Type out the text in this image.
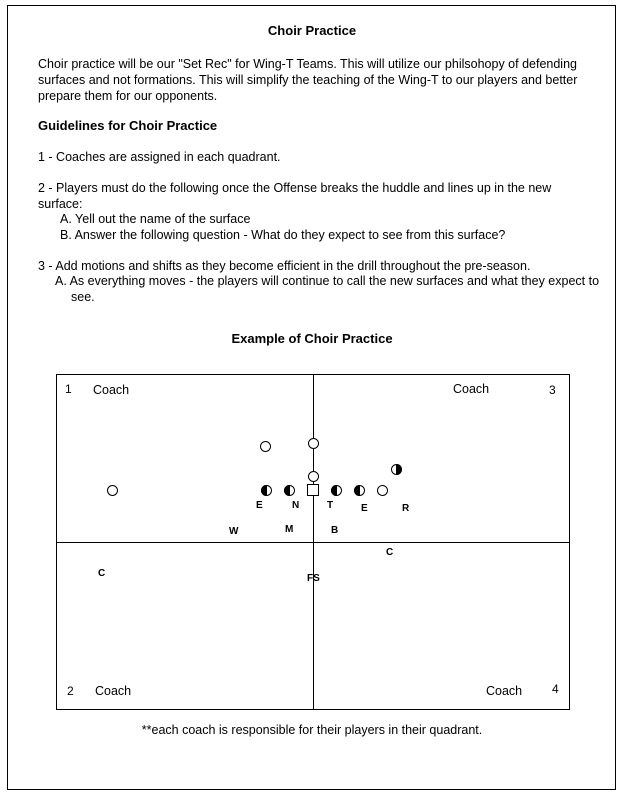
Choir Practice
Choir practice will be our "Set Rec" for Wing-T Teams. This will utilize our philsohopy of defending surfaces and not formations. This will simplify the teaching of the Wing-T to our players and better prepare them for our opponents.
Guidelines for Choir Practice
1 - Coaches are assigned in each quadrant.
2 - Players must do the following once the Offense breaks the huddle and lines up in the new surface:
A. Yell out the name of the surface
B. Answer the following question - What do they expect to see from this surface?
3 - Add motions and shifts as they become efficient in the drill throughout the pre-season.
A. As everything moves - the players will continue to call the new surfaces and what they expect to see.
Example of Choir Practice
1 Coach
2 Coach
3
Coach
4
Coach
E	N	T	E	R
W	M	B
C
C	FS
**each coach is responsible for their players in their quadrant.
